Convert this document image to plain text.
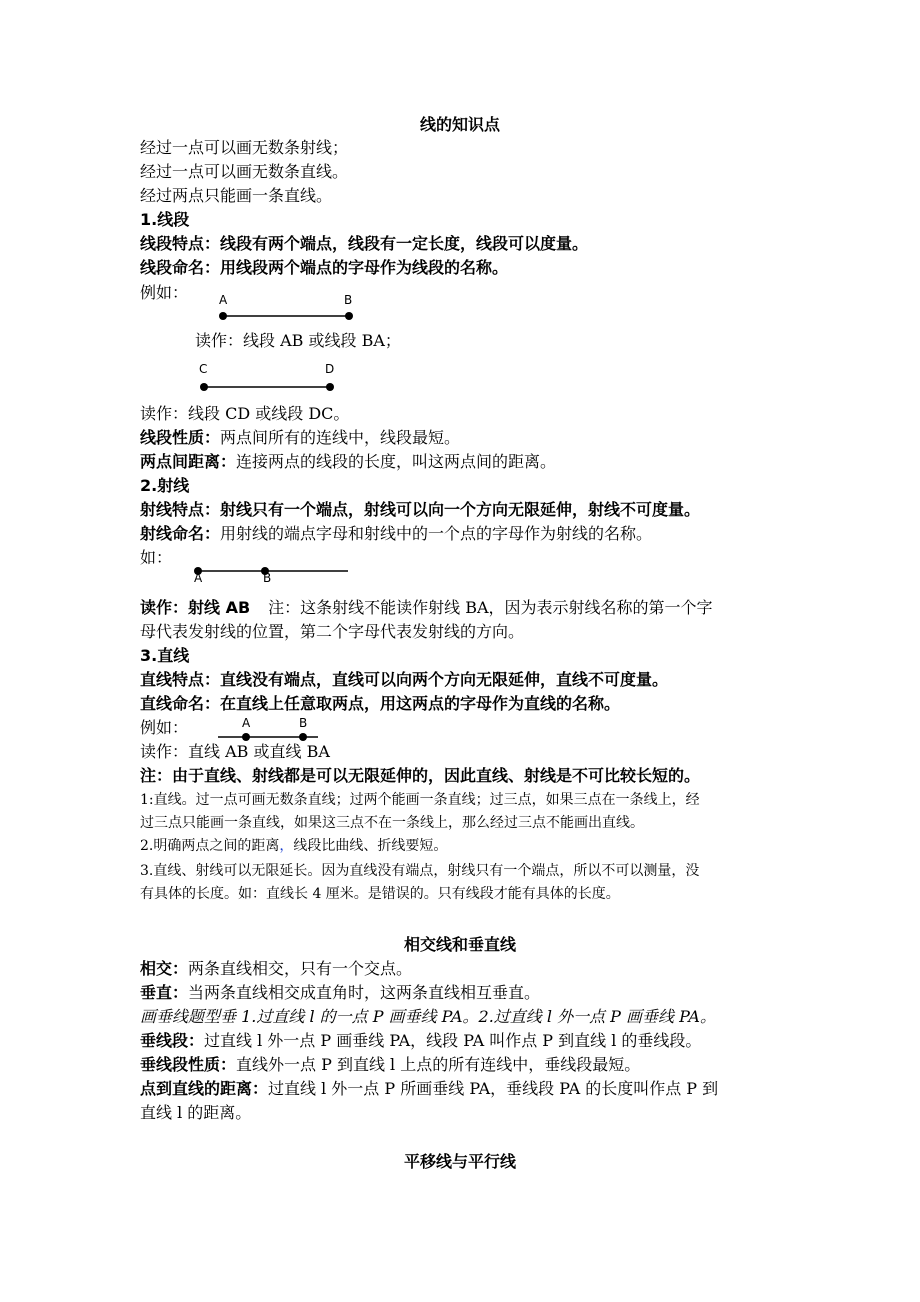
线的知识点
经过一点可以画无数条射线；
经过一点可以画无数条直线。
经过两点只能画一条直线。
1.线段
线段特点：线段有两个端点，线段有一定长度，线段可以度量。
线段命名：用线段两个端点的字母作为线段的名称。
例如：	A	B
读作：线段 AB 或线段 BA；
C	D
读作：线段 CD 或线段 DC。
线段性质：两点间所有的连线中，线段最短。
两点间距离：连接两点的线段的长度，叫这两点间的距离。
2.射线
射线特点：射线只有一个端点，射线可以向一个方向无限延伸，射线不可度量。
射线命名：用射线的端点字母和射线中的一个点的字母作为射线的名称。
如：
A	B
读作：射线 AB 注：这条射线不能读作射线 BA，因为表示射线名称的第一个字
母代表发射线的位置，第二个字母代表发射线的方向。
3.直线
直线特点：直线没有端点，直线可以向两个方向无限延伸，直线不可度量。
直线命名：在直线上任意取两点，用这两点的字母作为直线的名称。
例如：	A	B
读作：直线 AB 或直线 BA
注：由于直线、射线都是可以无限延伸的，因此直线、射线是不可比较长短的。
1:直线。过一点可画无数条直线；过两个能画一条直线；过三点，如果三点在一条线上，经
过三点只能画一条直线，如果这三点不在一条线上，那么经过三点不能画出直线。
2.明确两点之间的距离，线段比曲线、折线要短。
3.直线、射线可以无限延长。因为直线没有端点，射线只有一个端点，所以不可以测量，没
有具体的长度。如：直线长 4 厘米。是错误的。只有线段才能有具体的长度。
相交线和垂直线
相交：两条直线相交，只有一个交点。
垂直：当两条直线相交成直角时，这两条直线相互垂直。
画垂线题型垂 1.过直线 l 的一点 P 画垂线 PA。2.过直线 l 外一点 P 画垂线 PA。
垂线段：过直线 l 外一点 P 画垂线 PA，线段 PA 叫作点 P 到直线 l 的垂线段。
垂线段性质：直线外一点 P 到直线 l 上点的所有连线中，垂线段最短。
点到直线的距离：过直线 l 外一点 P 所画垂线 PA，垂线段 PA 的长度叫作点 P 到
直线 l 的距离。
平移线与平行线
